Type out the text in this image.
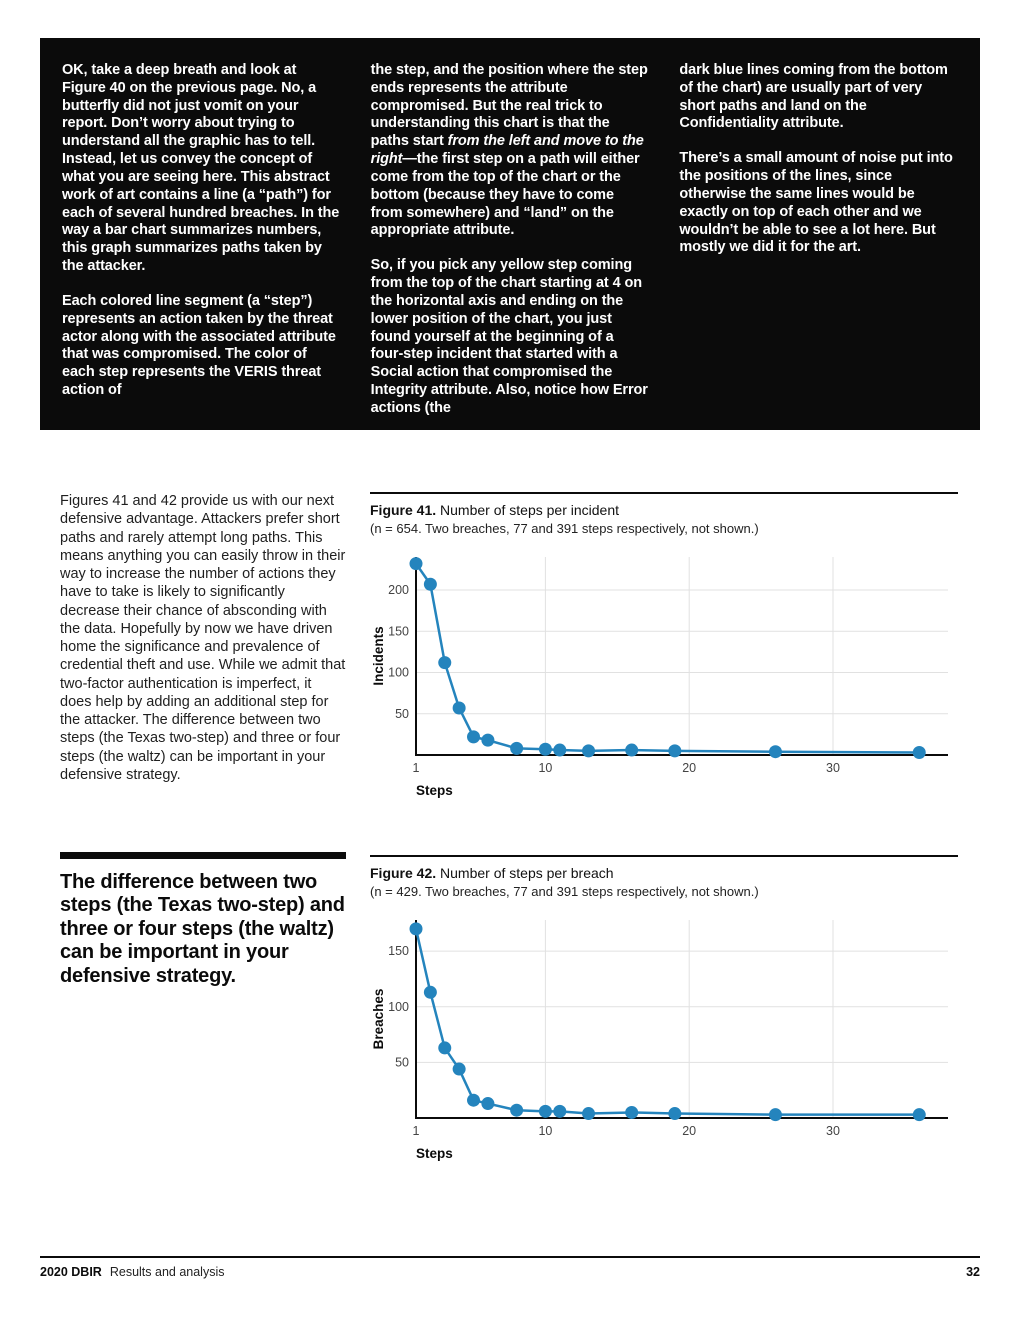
OK, take a deep breath and look at Figure 40 on the previous page. No, a butterfly did not just vomit on your report. Don’t worry about trying to understand all the graphic has to tell. Instead, let us convey the concept of what you are seeing here. This abstract work of art contains a line (a “path”) for each of several hundred breaches. In the way a bar chart summarizes numbers, this graph summarizes paths taken by the attacker.

Each colored line segment (a “step”) represents an action taken by the threat actor along with the associated attribute that was compromised. The color of each step represents the VERIS threat action of

the step, and the position where the step ends represents the attribute compromised. But the real trick to understanding this chart is that the paths start from the left and move to the right—the first step on a path will either come from the top of the chart or the bottom (because they have to come from somewhere) and “land” on the appropriate attribute.

So, if you pick any yellow step coming from the top of the chart starting at 4 on the horizontal axis and ending on the lower position of the chart, you just found yourself at the beginning of a four-step incident that started with a Social action that compromised the Integrity attribute. Also, notice how Error actions (the

dark blue lines coming from the bottom of the chart) are usually part of very short paths and land on the Confidentiality attribute.

There’s a small amount of noise put into the positions of the lines, since otherwise the same lines would be exactly on top of each other and we wouldn’t be able to see a lot here. But mostly we did it for the art.

Figures 41 and 42 provide us with our next defensive advantage. Attackers prefer short paths and rarely attempt long paths. This means anything you can easily throw in their way to increase the number of actions they have to take is likely to significantly decrease their chance of absconding with the data. Hopefully by now we have driven home the significance and prevalence of credential theft and use. While we admit that two-factor authentication is imperfect, it does help by adding an additional step for the attacker. The difference between two steps (the Texas two-step) and three or four steps (the waltz) can be important in your defensive strategy.

Figure 41. Number of steps per incident
(n = 654. Two breaches, 77 and 391 steps respectively, not shown.)
50
100
150
200
1	10	20	30
Incidents
Steps

The difference between two steps (the Texas two-step) and three or four steps (the waltz) can be important in your defensive strategy.

Figure 42. Number of steps per breach
(n = 429. Two breaches, 77 and 391 steps respectively, not shown.)
50
100
150
1	10	20	30
Breaches
Steps
2020 DBIR Results and analysis	32
